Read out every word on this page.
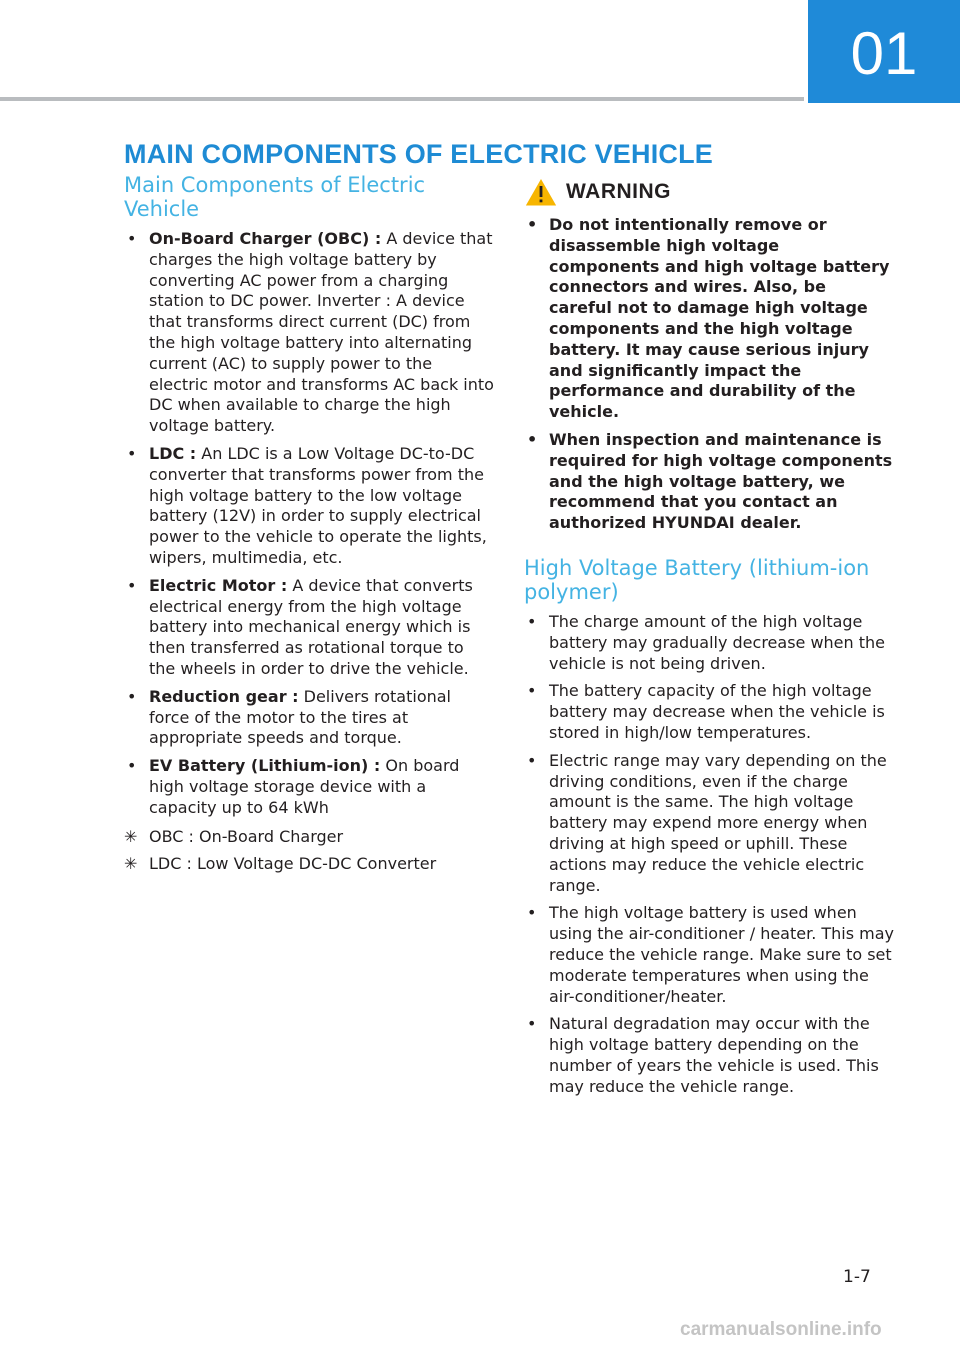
01
MAIN COMPONENTS OF ELECTRIC VEHICLE
Main Components of Electric Vehicle
• On-Board Charger (OBC) : A device that charges the high voltage battery by converting AC power from a charging station to DC power. Inverter : A device that transforms direct current (DC) from the high voltage battery into alternating current (AC) to supply power to the electric motor and transforms AC back into DC when available to charge the high voltage battery.
• LDC : An LDC is a Low Voltage DC-to-DC converter that transforms power from the high voltage battery to the low voltage battery (12V) in order to supply electrical power to the vehicle to operate the lights, wipers, multimedia, etc.
• Electric Motor : A device that converts electrical energy from the high voltage battery into mechanical energy which is then transferred as rotational torque to the wheels in order to drive the vehicle.
• Reduction gear : Delivers rotational force of the motor to the tires at appropriate speeds and torque.
• EV Battery (Lithium-ion) : On board high voltage storage device with a capacity up to 64 kWh
✳ OBC : On-Board Charger
✳ LDC : Low Voltage DC-DC Converter
WARNING
• Do not intentionally remove or disassemble high voltage components and high voltage battery connectors and wires. Also, be careful not to damage high voltage components and the high voltage battery. It may cause serious injury and significantly impact the performance and durability of the vehicle.
• When inspection and maintenance is required for high voltage components and the high voltage battery, we recommend that you contact an authorized HYUNDAI dealer.
High Voltage Battery (lithium-ion polymer)
• The charge amount of the high voltage battery may gradually decrease when the vehicle is not being driven.
• The battery capacity of the high voltage battery may decrease when the vehicle is stored in high/low temperatures.
• Electric range may vary depending on the driving conditions, even if the charge amount is the same. The high voltage battery may expend more energy when driving at high speed or uphill. These actions may reduce the vehicle electric range.
• The high voltage battery is used when using the air-conditioner / heater. This may reduce the vehicle range. Make sure to set moderate temperatures when using the air-conditioner/heater.
• Natural degradation may occur with the high voltage battery depending on the number of years the vehicle is used. This may reduce the vehicle range.
1-7
carmanualsonline.info
